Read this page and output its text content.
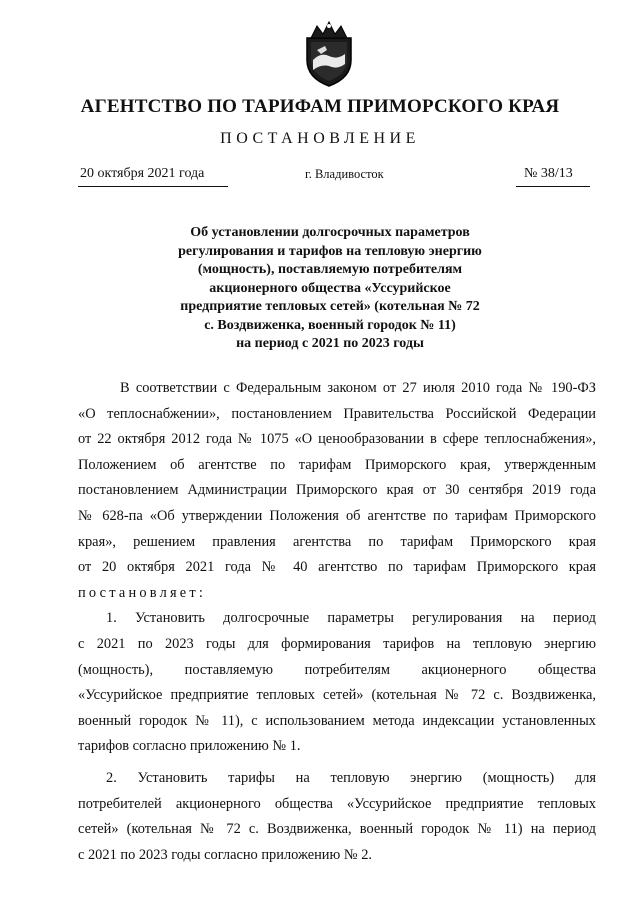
АГЕНТСТВО ПО ТАРИФАМ ПРИМОРСКОГО КРАЯ
ПОСТАНОВЛЕНИЕ
20 октября 2021 года	г. Владивосток	№ 38/13
Об установлении долгосрочных параметров
регулирования и тарифов на тепловую энергию
(мощность), поставляемую потребителям
акционерного общества «Уссурийское
предприятие тепловых сетей» (котельная № 72
с. Воздвиженка, военный городок № 11)
на период с 2021 по 2023 годы
В соответствии с Федеральным законом от 27 июля 2010 года № 190-ФЗ
«О теплоснабжении», постановлением Правительства Российской Федерации
от 22 октября 2012 года № 1075 «О ценообразовании в сфере теплоснабжения»,
Положением об агентстве по тарифам Приморского края, утвержденным
постановлением Администрации Приморского края от 30 сентября 2019 года
№ 628-па «Об утверждении Положения об агентстве по тарифам Приморского
края», решением правления агентства по тарифам Приморского края
от 20 октября 2021 года № 40 агентство по тарифам Приморского края
постановляет:
1. Установить долгосрочные параметры регулирования на период
с 2021 по 2023 годы для формирования тарифов на тепловую энергию
(мощность), поставляемую потребителям акционерного общества
«Уссурийское предприятие тепловых сетей» (котельная № 72 с. Воздвиженка,
военный городок № 11), с использованием метода индексации установленных
тарифов согласно приложению № 1.
2. Установить тарифы на тепловую энергию (мощность) для
потребителей акционерного общества «Уссурийское предприятие тепловых
сетей» (котельная № 72 с. Воздвиженка, военный городок № 11) на период
с 2021 по 2023 годы согласно приложению № 2.
